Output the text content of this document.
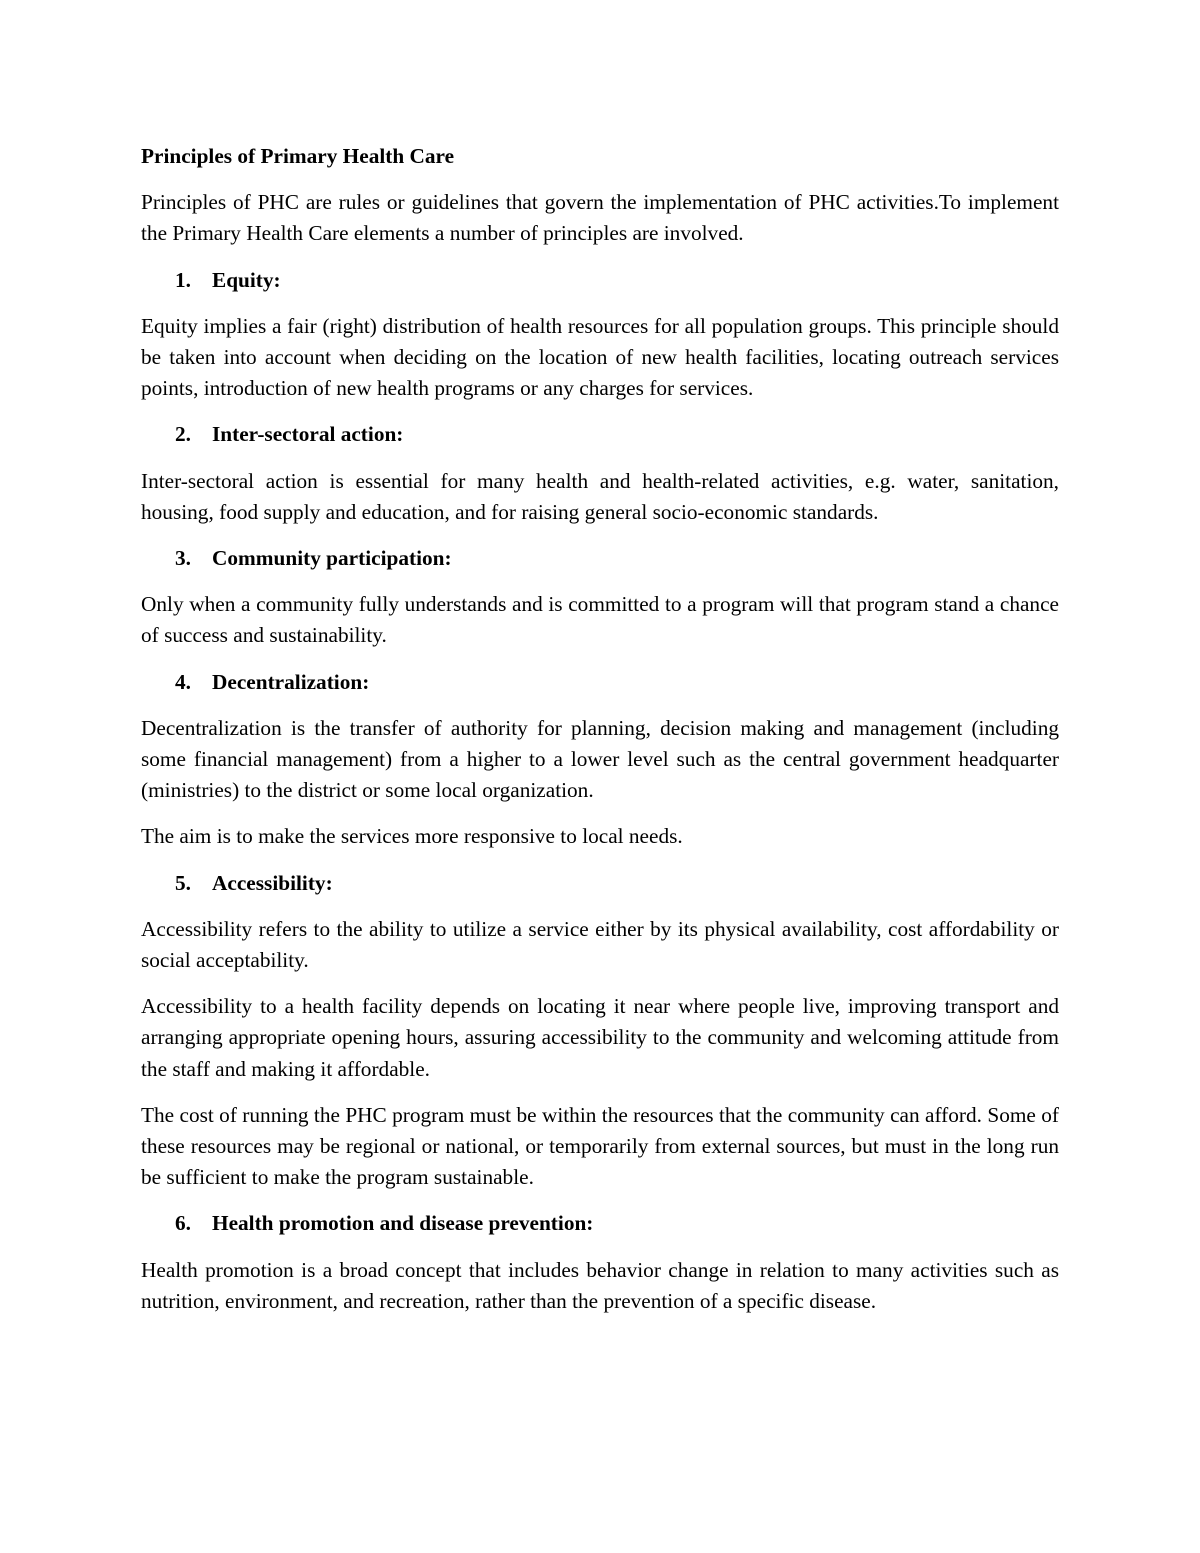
Principles of Primary Health Care

Principles of PHC are rules or guidelines that govern the implementation of PHC activities.To implement the Primary Health Care elements a number of principles are involved.

1. Equity:

Equity implies a fair (right) distribution of health resources for all population groups. This principle should be taken into account when deciding on the location of new health facilities, locating outreach services points, introduction of new health programs or any charges for services.

2. Inter-sectoral action:

Inter-sectoral action is essential for many health and health-related activities, e.g. water, sanitation, housing, food supply and education, and for raising general socio-economic standards.

3. Community participation:

Only when a community fully understands and is committed to a program will that program stand a chance of success and sustainability.

4. Decentralization:

Decentralization is the transfer of authority for planning, decision making and management (including some financial management) from a higher to a lower level such as the central government headquarter (ministries) to the district or some local organization.

The aim is to make the services more responsive to local needs.

5. Accessibility:

Accessibility refers to the ability to utilize a service either by its physical availability, cost affordability or social acceptability.

Accessibility to a health facility depends on locating it near where people live, improving transport and arranging appropriate opening hours, assuring accessibility to the community and welcoming attitude from the staff and making it affordable.

The cost of running the PHC program must be within the resources that the community can afford. Some of these resources may be regional or national, or temporarily from external sources, but must in the long run be sufficient to make the program sustainable.

6. Health promotion and disease prevention:

Health promotion is a broad concept that includes behavior change in relation to many activities such as nutrition, environment, and recreation, rather than the prevention of a specific disease.
